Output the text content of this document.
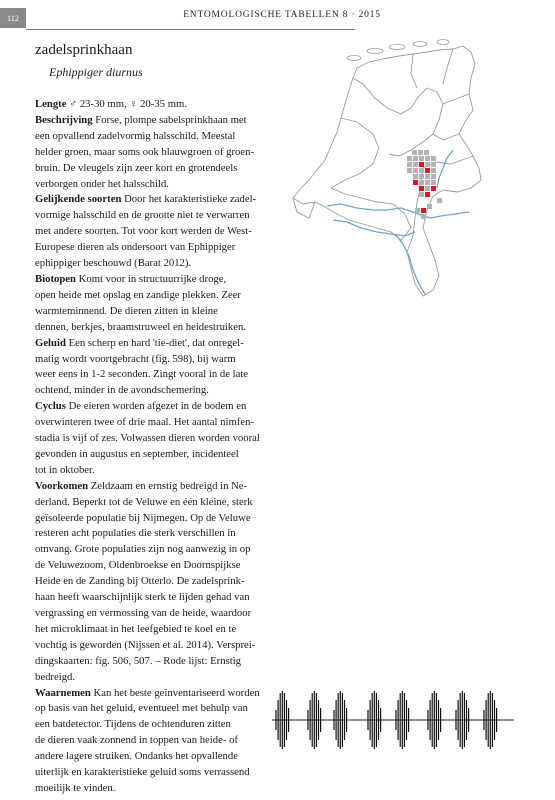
112	ENTOMOLOGISCHE TABELLEN 8 · 2015
zadelsprinkhaan
Ephippiger diurnus

Lengte ♂ 23-30 mm, ♀ 20-35 mm.

Beschrijving Forse, plompe sabelsprinkhaan met
een opvallend zadelvormig halsschild. Meestal
helder groen, maar soms ook blauwgroen of groen-
bruin. De vleugels zijn zeer kort en grotendeels
verborgen onder het halsschild.

Gelijkende soorten Door het karakteristieke zadel-
vormige halsschild en de grootte niet te verwarren
met andere soorten. Tot voor kort werden de West-
Europese dieren als ondersoort van Ephippiger
ephippiger beschouwd (Barat 2012).

Biotopen Komt voor in structuurrijke droge,
open heide met opslag en zandige plekken. Zeer
warmteminnend. De dieren zitten in kleine
dennen, berkjes, braamstruweel en heidestruiken.

Geluid Een scherp en hard 'tie-diet', dat onregel-
matig wordt voortgebracht (fig. 598), bij warm
weer eens in 1-2 seconden. Zingt vooral in de late
ochtend, minder in de avondschemering.

Cyclus De eieren worden afgezet in de bodem en
overwinteren twee of drie maal. Het aantal nimfen-
stadia is vijf of zes. Volwassen dieren worden vooral
gevonden in augustus en september, incidenteel
tot in oktober.

Voorkomen Zeldzaam en ernstig bedreigd in Ne-
derland. Beperkt tot de Veluwe en één kleine, sterk
geïsoleerde populatie bij Nijmegen. Op de Veluwe
resteren acht populaties die sterk verschillen in
omvang. Grote populaties zijn nog aanwezig in op
de Veluwezoom, Oldenbroekse en Doornspijkse
Heide en de Zanding bij Otterlo. De zadelsprink-
haan heeft waarschijnlijk sterk te lijden gehad van
vergrassing en vermossing van de heide, waardoor
het microklimaat in het leefgebied te koel en te
vochtig is geworden (Nijssen et al. 2014). Versprei-
dingskaarten: fig. 506, 507. – Rode lijst: Ernstig
bedreigd.

Waarnemen Kan het beste geïnventariseerd worden
op basis van het geluid, eventueel met behulp van
een batdetector. Tijdens de ochtenduren zitten
de dieren vaak zonnend in toppen van heide- of
andere lagere struiken. Ondanks het opvallende
uiterlijk en karakteristieke geluid soms verrassend
moeilijk te vinden.
